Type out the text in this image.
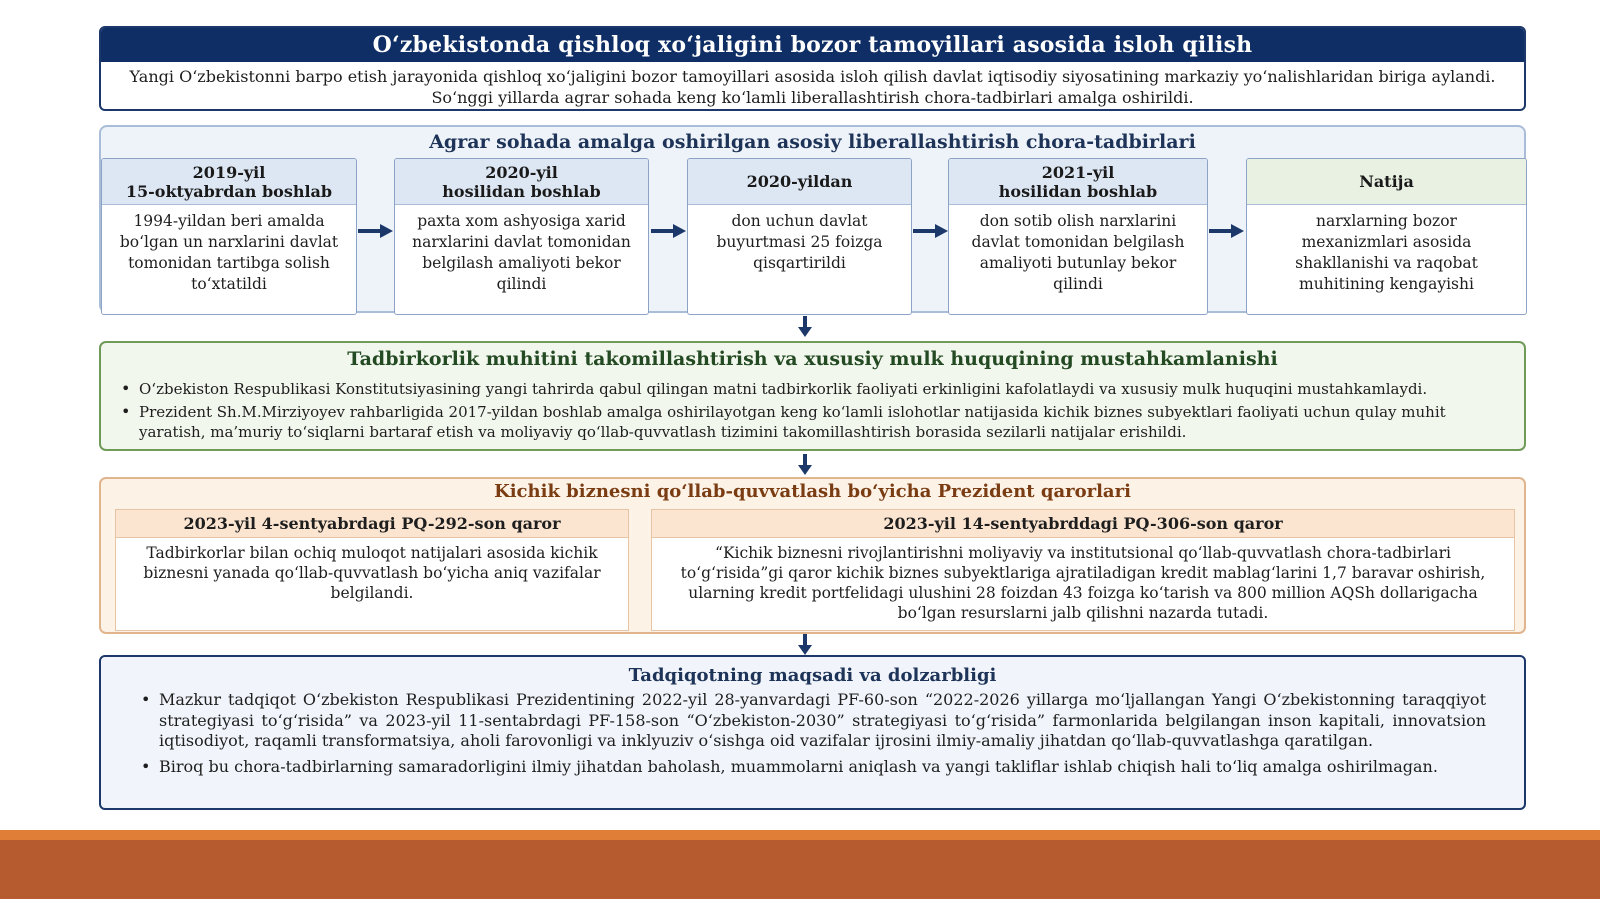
O‘zbekistonda qishloq xo‘jaligini bozor tamoyillari asosida isloh qilish
Yangi O‘zbekistonni barpo etish jarayonida qishloq xo‘jaligini bozor tamoyillari asosida isloh qilish davlat iqtisodiy siyosatining markaziy yo‘nalishlaridan biriga aylandi. So‘nggi yillarda agrar sohada keng ko‘lamli liberallashtirish chora-tadbirlari amalga oshirildi.
Agrar sohada amalga oshirilgan asosiy liberallashtirish chora-tadbirlari
2019-yil
15-oktyabrdan boshlab
1994-yildan beri amalda bo‘lgan un narxlarini davlat tomonidan tartibga solish to‘xtatildi
2020-yil
hosilidan boshlab
paxta xom ashyosiga xarid narxlarini davlat tomonidan belgilash amaliyoti bekor qilindi
2020-yildan
don uchun davlat buyurtmasi 25 foizga qisqartirildi
2021-yil
hosilidan boshlab
don sotib olish narxlarini davlat tomonidan belgilash amaliyoti butunlay bekor qilindi
Natija
narxlarning bozor mexanizmlari asosida shakllanishi va raqobat muhitining kengayishi
Tadbirkorlik muhitini takomillashtirish va xususiy mulk huquqining mustahkamlanishi
• O‘zbekiston Respublikasi Konstitutsiyasining yangi tahrirda qabul qilingan matni tadbirkorlik faoliyati erkinligini kafolatlaydi va xususiy mulk huquqini mustahkamlaydi.
• Prezident Sh.M.Mirziyoyev rahbarligida 2017-yildan boshlab amalga oshirilayotgan keng ko‘lamli islohotlar natijasida kichik biznes subyektlari faoliyati uchun qulay muhit yaratish, ma’muriy to‘siqlarni bartaraf etish va moliyaviy qo‘llab-quvvatlash tizimini takomillashtirish borasida sezilarli natijalar erishildi.
Kichik biznesni qo‘llab-quvvatlash bo‘yicha Prezident qarorlari
2023-yil 4-sentyabrdagi PQ-292-son qaror
Tadbirkorlar bilan ochiq muloqot natijalari asosida kichik biznesni yanada qo‘llab-quvvatlash bo‘yicha aniq vazifalar belgilandi.
2023-yil 14-sentyabrddagi PQ-306-son qaror
“Kichik biznesni rivojlantirishni moliyaviy va institutsional qo‘llab-quvvatlash chora-tadbirlari to‘g‘risida”gi qaror kichik biznes subyektlariga ajratiladigan kredit mablag‘larini 1,7 baravar oshirish, ularning kredit portfelidagi ulushini 28 foizdan 43 foizga ko‘tarish va 800 million AQSh dollarigacha bo‘lgan resurslarni jalb qilishni nazarda tutadi.
Tadqiqotning maqsadi va dolzarbligi
• Mazkur tadqiqot O‘zbekiston Respublikasi Prezidentining 2022-yil 28-yanvardagi PF-60-son “2022-2026 yillarga mo‘ljallangan Yangi O‘zbekistonning taraqqiyot strategiyasi to‘g‘risida” va 2023-yil 11-sentabrdagi PF-158-son “O‘zbekiston-2030” strategiyasi to‘g‘risida” farmonlarida belgilangan inson kapitali, innovatsion iqtisodiyot, raqamli transformatsiya, aholi farovonligi va inklyuziv o‘sishga oid vazifalar ijrosini ilmiy-amaliy jihatdan qo‘llab-quvvatlashga qaratilgan.
• Biroq bu chora-tadbirlarning samaradorligini ilmiy jihatdan baholash, muammolarni aniqlash va yangi takliflar ishlab chiqish hali to‘liq amalga oshirilmagan.
